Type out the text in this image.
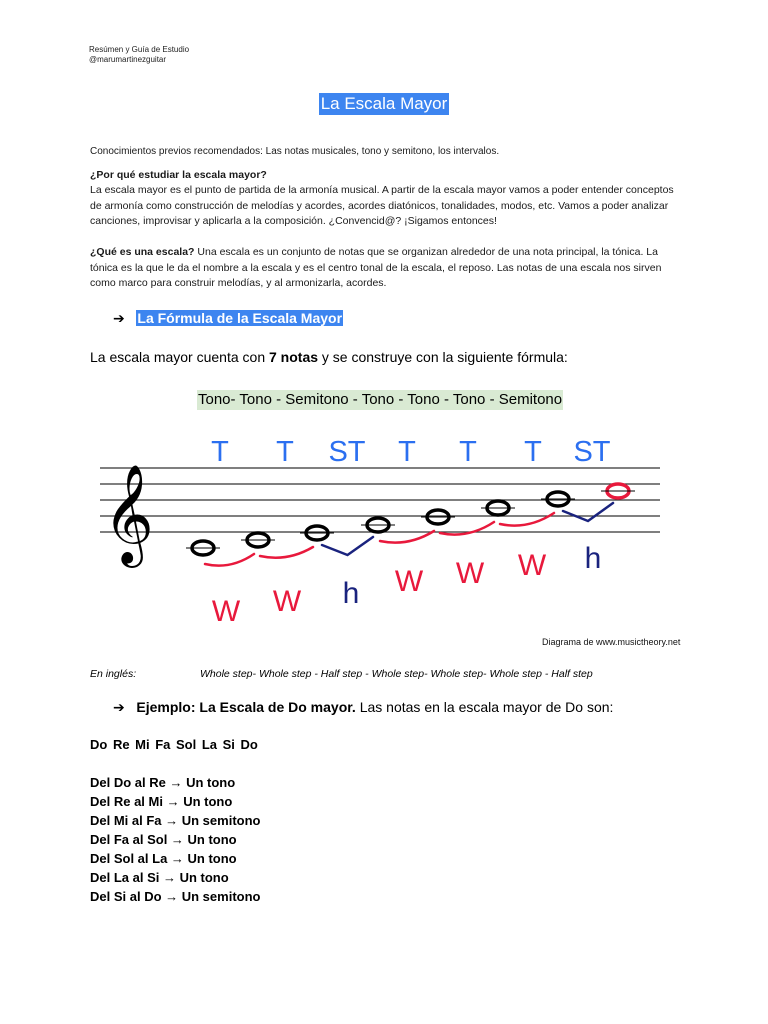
Resúmen y Guía de Estudio
@marumartinezguitar
La Escala Mayor
Conocimientos previos recomendados: Las notas musicales, tono y semitono, los intervalos.
¿Por qué estudiar la escala mayor?
La escala mayor es el punto de partida de la armonía musical. A partir de la escala mayor vamos a poder entender conceptos de armonía como construcción de melodías y acordes, acordes diatónicos, tonalidades, modos, etc. Vamos a poder analizar canciones, improvisar y aplicarla a la composición. ¿Convencid@? ¡Sigamos entonces!
¿Qué es una escala? Una escala es un conjunto de notas que se organizan alrededor de una nota principal, la tónica. La tónica es la que le da el nombre a la escala y es el centro tonal de la escala, el reposo. Las notas de una escala nos sirven como marco para construir melodías, y al armonizarla, acordes.
➔ La Fórmula de la Escala Mayor
La escala mayor cuenta con 7 notas y se construye con la siguiente fórmula:
Tono- Tono - Semitono - Tono - Tono - Tono - Semitono
𝄞
T T ST T T T ST
W W h W W W h
Diagrama de www.musictheory.net
En inglés:	Whole step- Whole step - Half step - Whole step- Whole step- Whole step - Half step
➔ Ejemplo: La Escala de Do mayor. Las notas en la escala mayor de Do son:
Do Re Mi Fa Sol La Si Do
Del Do al Re → Un tono
Del Re al Mi → Un tono
Del Mi al Fa → Un semitono
Del Fa al Sol → Un tono
Del Sol al La → Un tono
Del La al Si → Un tono
Del Si al Do → Un semitono
